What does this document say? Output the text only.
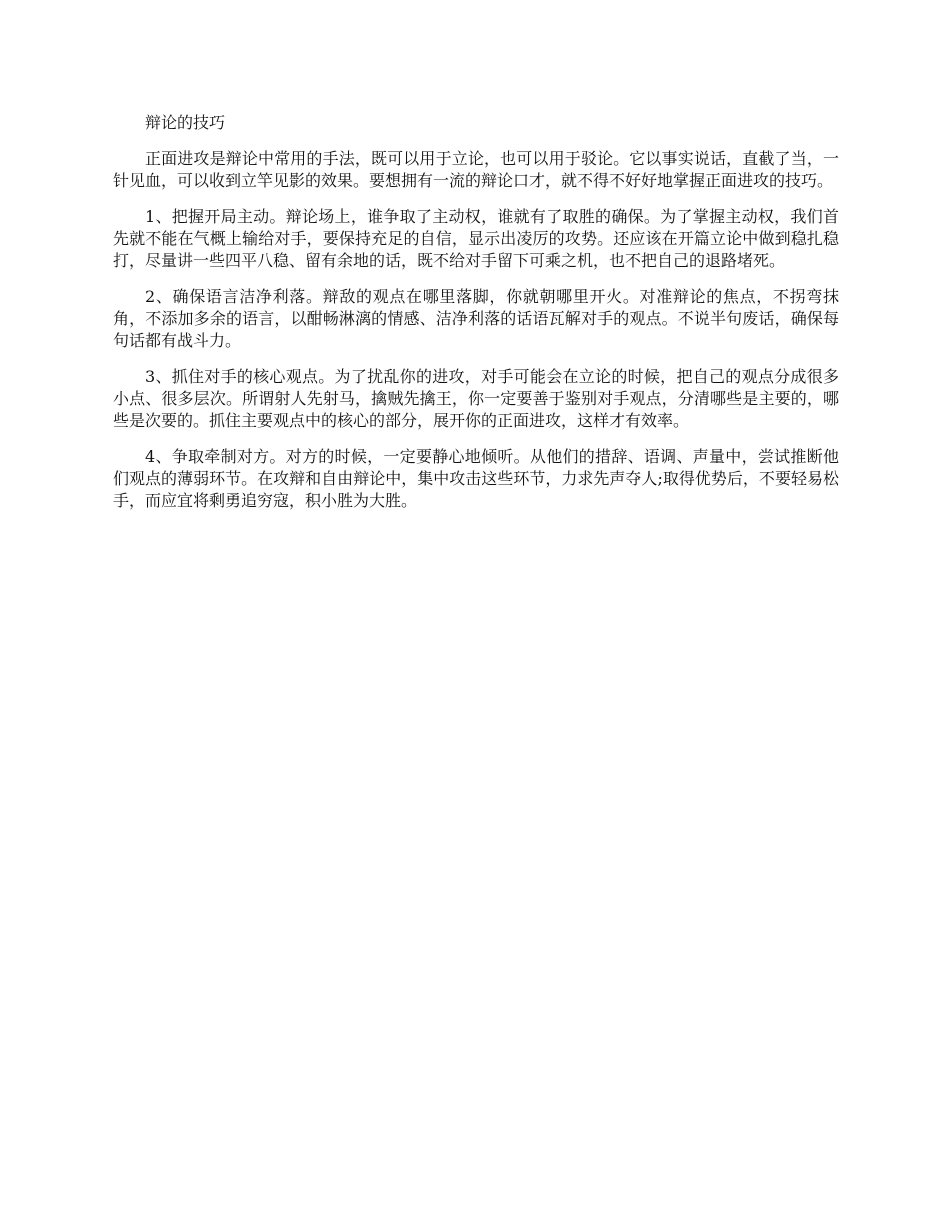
辩论的技巧

正面进攻是辩论中常用的手法，既可以用于立论，也可以用于驳论。它以事实说话，直截了当，一针见血，可以收到立竿见影的效果。要想拥有一流的辩论口才，就不得不好好地掌握正面进攻的技巧。

1、把握开局主动。辩论场上，谁争取了主动权，谁就有了取胜的确保。为了掌握主动权，我们首先就不能在气概上输给对手，要保持充足的自信，显示出凌厉的攻势。还应该在开篇立论中做到稳扎稳打，尽量讲一些四平八稳、留有余地的话，既不给对手留下可乘之机，也不把自己的退路堵死。

2、确保语言洁净利落。辩敌的观点在哪里落脚，你就朝哪里开火。对准辩论的焦点，不拐弯抹角，不添加多余的语言，以酣畅淋漓的情感、洁净利落的话语瓦解对手的观点。不说半句废话，确保每句话都有战斗力。

3、抓住对手的核心观点。为了扰乱你的进攻，对手可能会在立论的时候，把自己的观点分成很多小点、很多层次。所谓射人先射马，擒贼先擒王，你一定要善于鉴别对手观点，分清哪些是主要的，哪些是次要的。抓住主要观点中的核心的部分，展开你的正面进攻，这样才有效率。

4、争取牵制对方。对方的时候，一定要静心地倾听。从他们的措辞、语调、声量中，尝试推断他们观点的薄弱环节。在攻辩和自由辩论中，集中攻击这些环节，力求先声夺人;取得优势后，不要轻易松手，而应宜将剩勇追穷寇，积小胜为大胜。
